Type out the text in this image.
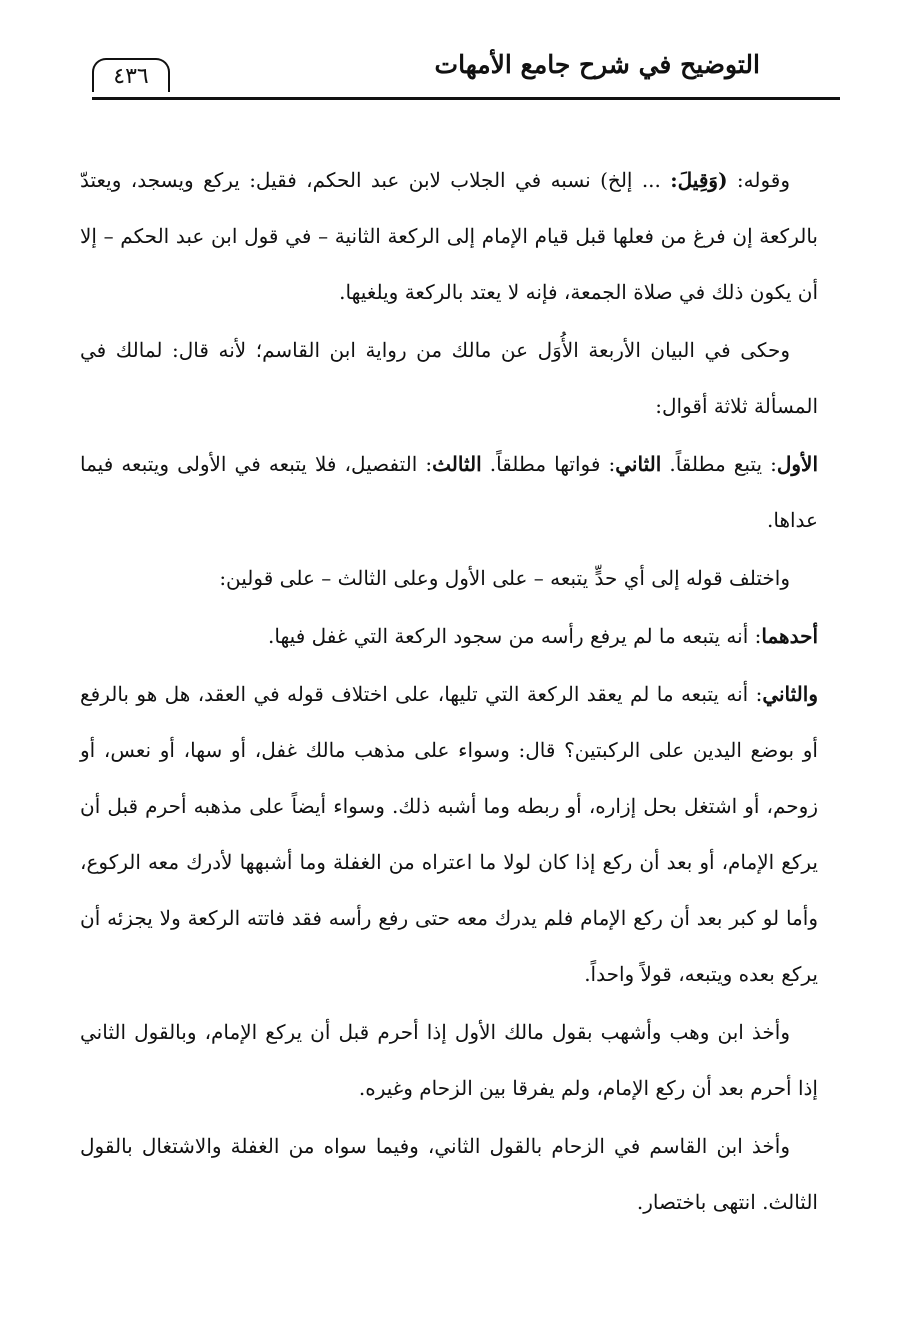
التوضيح في شرح جامع الأمهات
٤٣٦

وقوله: (وَقِيلَ: ... إلخ) نسبه في الجلاب لابن عبد الحكم، فقيل: يركع ويسجد، ويعتدّ بالركعة إن فرغ من فعلها قبل قيام الإمام إلى الركعة الثانية – في قول ابن عبد الحكم – إلا أن يكون ذلك في صلاة الجمعة، فإنه لا يعتد بالركعة ويلغيها.

وحكى في البيان الأربعة الأُوَل عن مالك من رواية ابن القاسم؛ لأنه قال: لمالك في المسألة ثلاثة أقوال:

الأول: يتبع مطلقاً. الثاني: فواتها مطلقاً. الثالث: التفصيل، فلا يتبعه في الأولى ويتبعه فيما عداها.

واختلف قوله إلى أي حدٍّ يتبعه – على الأول وعلى الثالث – على قولين:

أحدهما: أنه يتبعه ما لم يرفع رأسه من سجود الركعة التي غفل فيها.

والثاني: أنه يتبعه ما لم يعقد الركعة التي تليها، على اختلاف قوله في العقد، هل هو بالرفع أو بوضع اليدين على الركبتين؟ قال: وسواء على مذهب مالك غفل، أو سها، أو نعس، أو زوحم، أو اشتغل بحل إزاره، أو ربطه وما أشبه ذلك. وسواء أيضاً على مذهبه أحرم قبل أن يركع الإمام، أو بعد أن ركع إذا كان لولا ما اعتراه من الغفلة وما أشبهها لأدرك معه الركوع، وأما لو كبر بعد أن ركع الإمام فلم يدرك معه حتى رفع رأسه فقد فاتته الركعة ولا يجزئه أن يركع بعده ويتبعه، قولاً واحداً.

وأخذ ابن وهب وأشهب بقول مالك الأول إذا أحرم قبل أن يركع الإمام، وبالقول الثاني إذا أحرم بعد أن ركع الإمام، ولم يفرقا بين الزحام وغيره.

وأخذ ابن القاسم في الزحام بالقول الثاني، وفيما سواه من الغفلة والاشتغال بالقول الثالث. انتهى باختصار.
